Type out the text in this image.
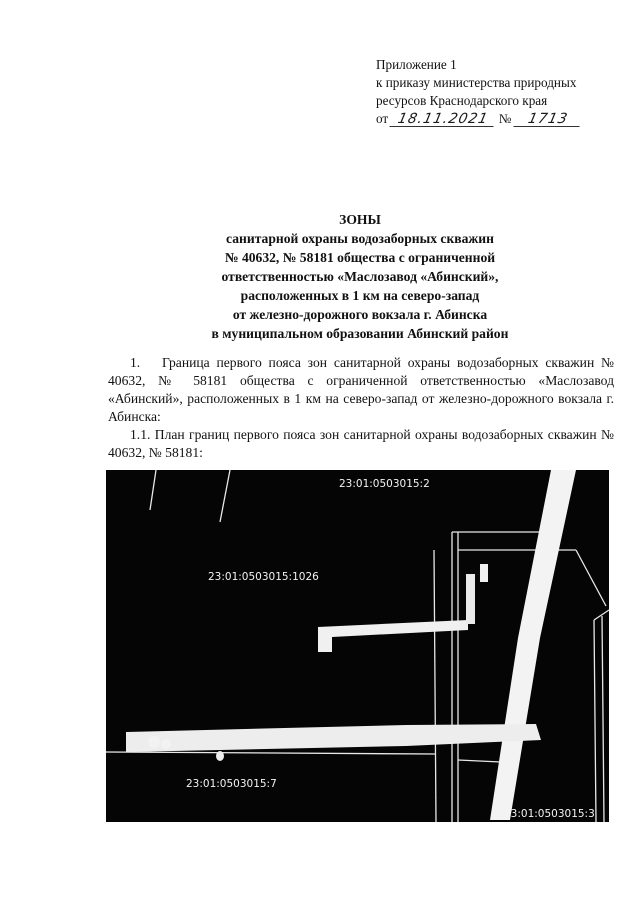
Приложение 1
к приказу министерства природных
ресурсов Краснодарского края
от 18.11.2021 № 1713
ЗОНЫ
санитарной охраны водозаборных скважин
№ 40632, № 58181 общества с ограниченной
ответственностью «Маслозавод «Абинский»,
расположенных в 1 км на северо-запад
от железно-дорожного вокзала г. Абинска
в муниципальном образовании Абинский район

1. Граница первого пояса зон санитарной охраны водозаборных скважин № 40632, № 58181 общества с ограниченной ответственностью «Маслозавод «Абинский», расположенных в 1 км на северо-запад от железно-дорожного вокзала г. Абинска:

1.1. План границ первого пояса зон санитарной охраны водозаборных скважин № 40632, № 58181:

23:01:0503015:2
23:01:0503015:1026
23:01:0503015:7
23:01:0503015:3
